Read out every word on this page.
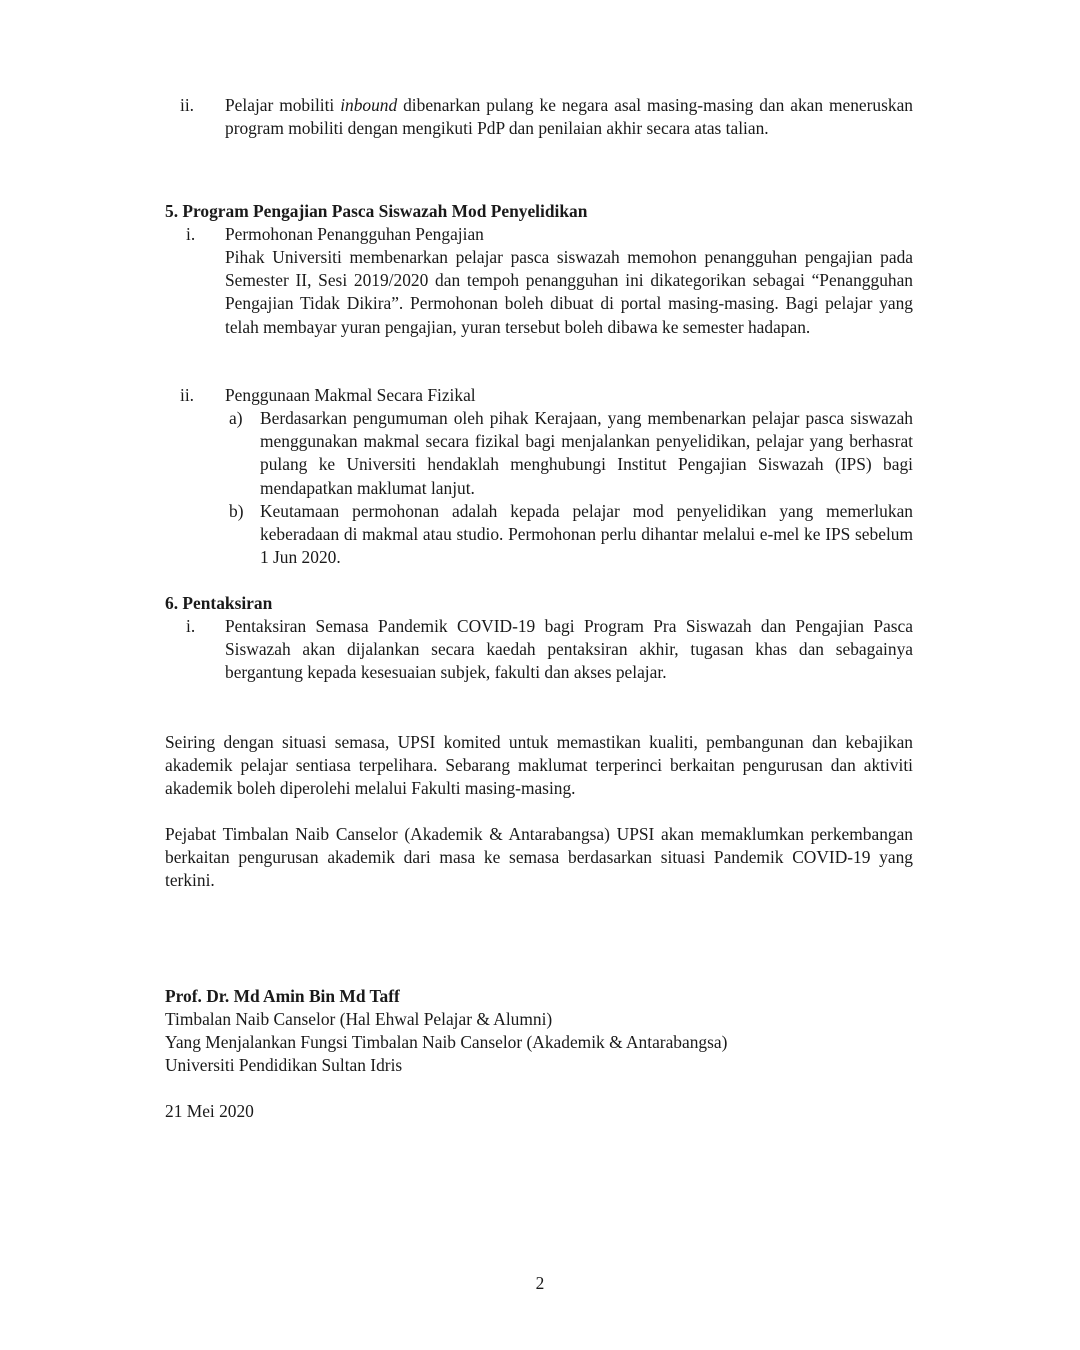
ii. Pelajar mobiliti inbound dibenarkan pulang ke negara asal masing-masing dan akan meneruskan program mobiliti dengan mengikuti PdP dan penilaian akhir secara atas talian.
5. Program Pengajian Pasca Siswazah Mod Penyelidikan
i. Permohonan Penangguhan Pengajian
Pihak Universiti membenarkan pelajar pasca siswazah memohon penangguhan pengajian pada Semester II, Sesi 2019/2020 dan tempoh penangguhan ini dikategorikan sebagai “Penangguhan Pengajian Tidak Dikira”. Permohonan boleh dibuat di portal masing-masing. Bagi pelajar yang telah membayar yuran pengajian, yuran tersebut boleh dibawa ke semester hadapan.
ii. Penggunaan Makmal Secara Fizikal
a) Berdasarkan pengumuman oleh pihak Kerajaan, yang membenarkan pelajar pasca siswazah menggunakan makmal secara fizikal bagi menjalankan penyelidikan, pelajar yang berhasrat pulang ke Universiti hendaklah menghubungi Institut Pengajian Siswazah (IPS) bagi mendapatkan maklumat lanjut.
b) Keutamaan permohonan adalah kepada pelajar mod penyelidikan yang memerlukan keberadaan di makmal atau studio. Permohonan perlu dihantar melalui e-mel ke IPS sebelum 1 Jun 2020.
6. Pentaksiran
i. Pentaksiran Semasa Pandemik COVID-19 bagi Program Pra Siswazah dan Pengajian Pasca Siswazah akan dijalankan secara kaedah pentaksiran akhir, tugasan khas dan sebagainya bergantung kepada kesesuaian subjek, fakulti dan akses pelajar.
Seiring dengan situasi semasa, UPSI komited untuk memastikan kualiti, pembangunan dan kebajikan akademik pelajar sentiasa terpelihara. Sebarang maklumat terperinci berkaitan pengurusan dan aktiviti akademik boleh diperolehi melalui Fakulti masing-masing.
Pejabat Timbalan Naib Canselor (Akademik & Antarabangsa) UPSI akan memaklumkan perkembangan berkaitan pengurusan akademik dari masa ke semasa berdasarkan situasi Pandemik COVID-19 yang terkini.
Prof. Dr. Md Amin Bin Md Taff
Timbalan Naib Canselor (Hal Ehwal Pelajar & Alumni)
Yang Menjalankan Fungsi Timbalan Naib Canselor (Akademik & Antarabangsa)
Universiti Pendidikan Sultan Idris
21 Mei 2020
2
